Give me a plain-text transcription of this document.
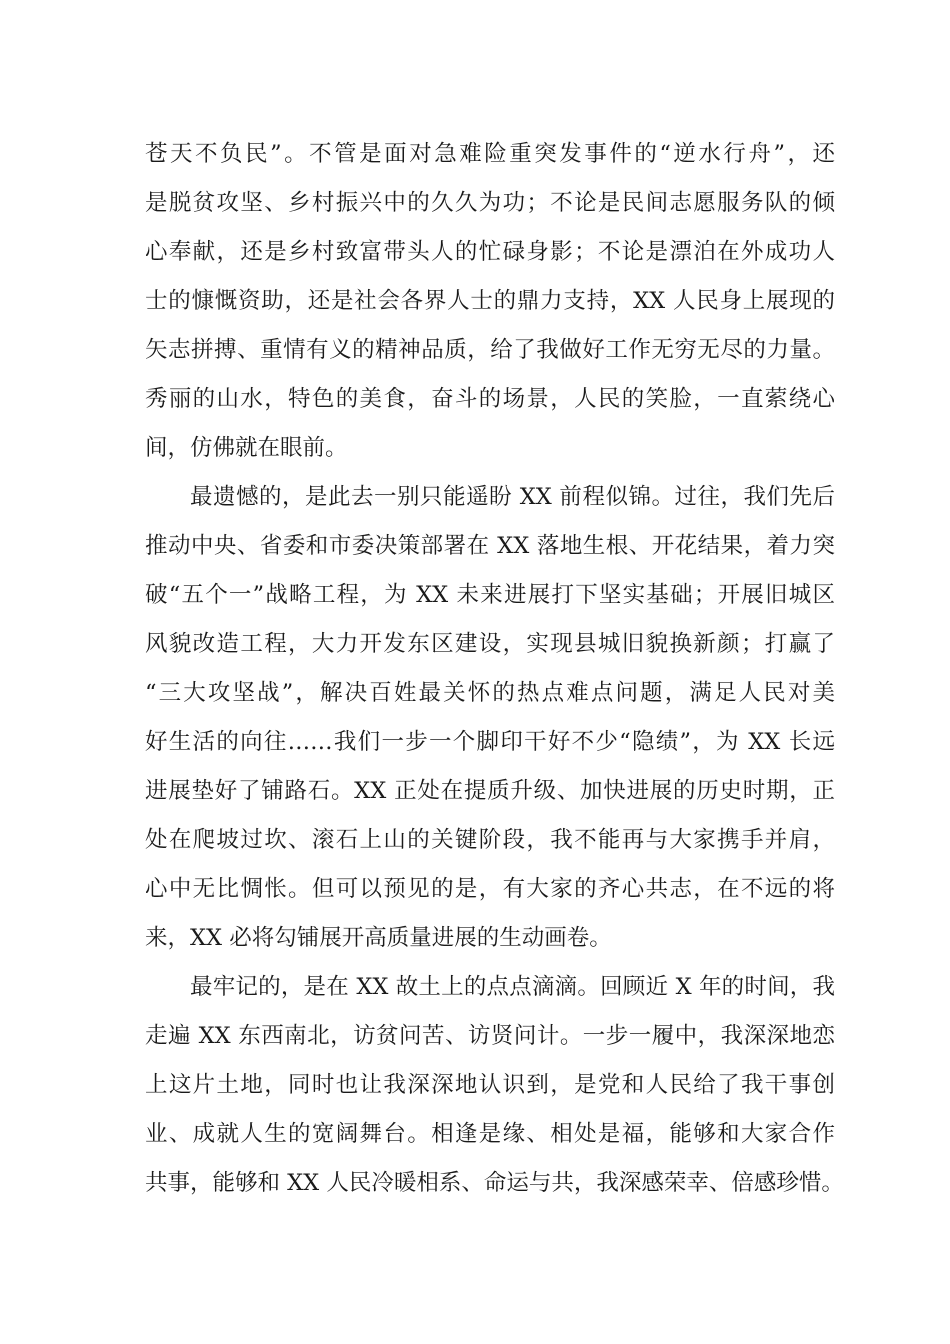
苍天不负民”。不管是面对急难险重突发事件的“逆水行舟”，还
是脱贫攻坚、乡村振兴中的久久为功；不论是民间志愿服务队的倾
心奉献，还是乡村致富带头人的忙碌身影；不论是漂泊在外成功人
士的慷慨资助，还是社会各界人士的鼎力支持，XX 人民身上展现的
矢志拼搏、重情有义的精神品质，给了我做好工作无穷无尽的力量。
秀丽的山水，特色的美食，奋斗的场景，人民的笑脸，一直萦绕心
间，仿佛就在眼前。
最遗憾的，是此去一别只能遥盼 XX 前程似锦。过往，我们先后
推动中央、省委和市委决策部署在 XX 落地生根、开花结果，着力突
破“五个一”战略工程，为 XX 未来进展打下坚实基础；开展旧城区
风貌改造工程，大力开发东区建设，实现县城旧貌换新颜；打赢了
“三大攻坚战”，解决百姓最关怀的热点难点问题，满足人民对美
好生活的向往……我们一步一个脚印干好不少“隐绩”，为 XX 长远
进展垫好了铺路石。XX 正处在提质升级、加快进展的历史时期，正
处在爬坡过坎、滚石上山的关键阶段，我不能再与大家携手并肩，
心中无比惆怅。但可以预见的是，有大家的齐心共志，在不远的将
来，XX 必将勾铺展开高质量进展的生动画卷。
最牢记的，是在 XX 故土上的点点滴滴。回顾近 X 年的时间，我
走遍 XX 东西南北，访贫问苦、访贤问计。一步一履中，我深深地恋
上这片土地，同时也让我深深地认识到，是党和人民给了我干事创
业、成就人生的宽阔舞台。相逢是缘、相处是福，能够和大家合作
共事，能够和 XX 人民冷暖相系、命运与共，我深感荣幸、倍感珍惜。
